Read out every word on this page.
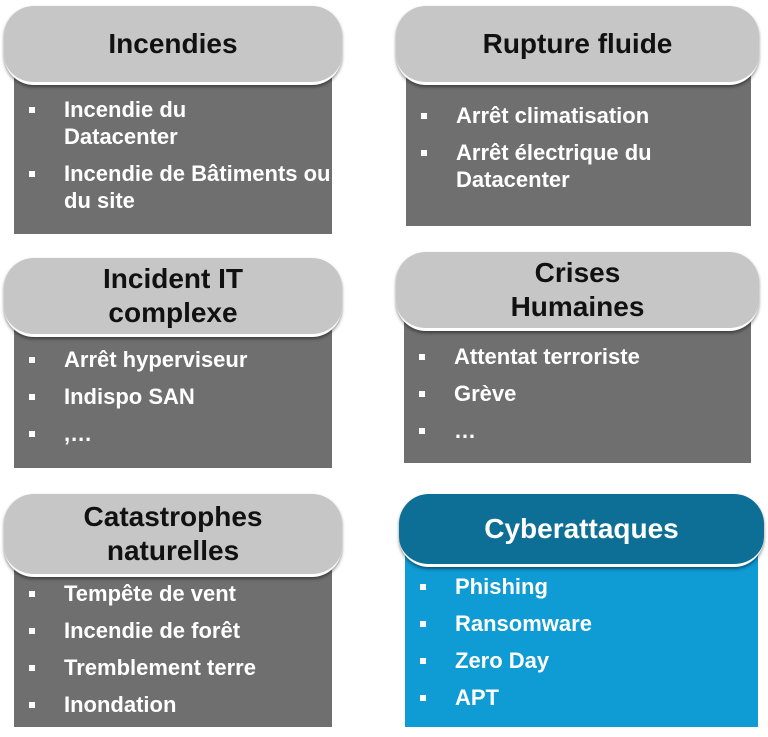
Incendies
Incendie du Datacenter
Incendie de Bâtiments ou du site
Rupture fluide
Arrêt climatisation
Arrêt électrique du Datacenter
Incident IT
complexe
Arrêt hyperviseur
Indispo SAN
,…
Crises
Humaines
Attentat terroriste
Grève
…
Catastrophes
naturelles
Tempête de vent
Incendie de forêt
Tremblement terre
Inondation
Cyberattaques
Phishing
Ransomware
Zero Day
APT
